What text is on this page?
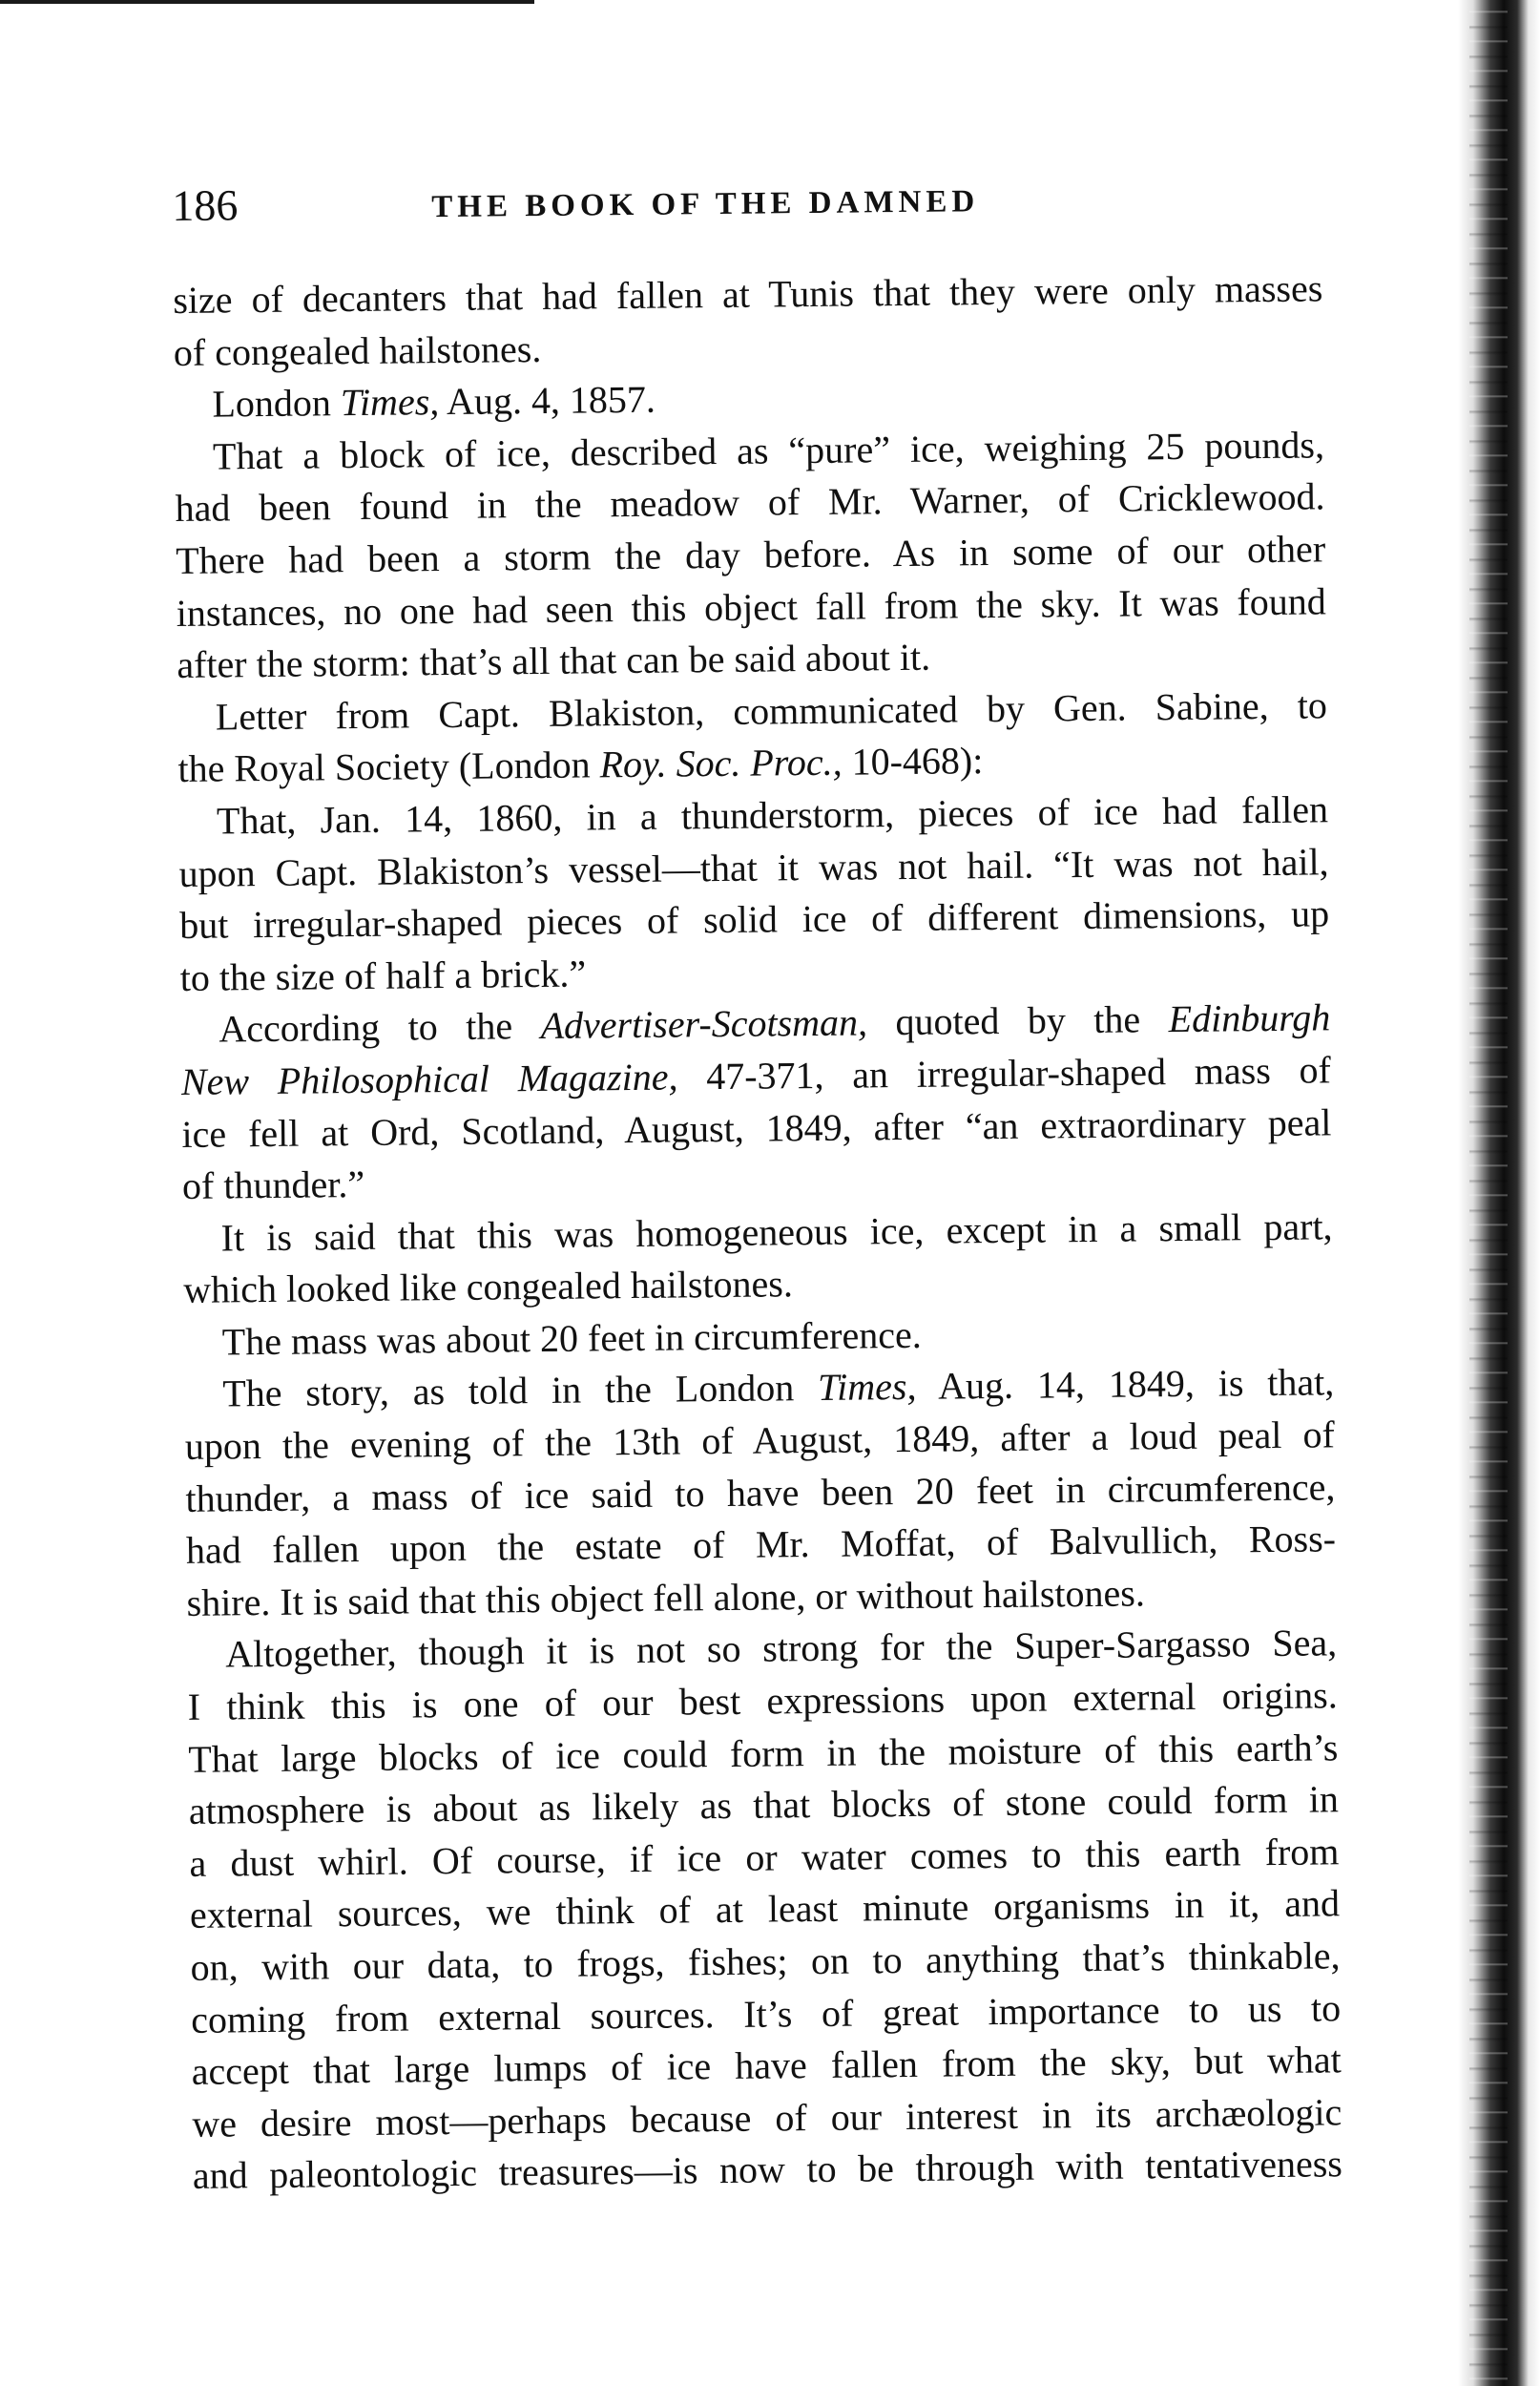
186	THE BOOK OF THE DAMNED
size of decanters that had fallen at Tunis that they were only masses
of congealed hailstones.
London Times, Aug. 4, 1857.
That a block of ice, described as “pure” ice, weighing 25 pounds,
had been found in the meadow of Mr. Warner, of Cricklewood.
There had been a storm the day before. As in some of our other
instances, no one had seen this object fall from the sky. It was found
after the storm: that’s all that can be said about it.
Letter from Capt. Blakiston, communicated by Gen. Sabine, to
the Royal Society (London Roy. Soc. Proc., 10-468):
That, Jan. 14, 1860, in a thunderstorm, pieces of ice had fallen
upon Capt. Blakiston’s vessel—that it was not hail. “It was not hail,
but irregular-shaped pieces of solid ice of different dimensions, up
to the size of half a brick.”
According to the Advertiser-Scotsman, quoted by the Edinburgh
New Philosophical Magazine, 47-371, an irregular-shaped mass of
ice fell at Ord, Scotland, August, 1849, after “an extraordinary peal
of thunder.”
It is said that this was homogeneous ice, except in a small part,
which looked like congealed hailstones.
The mass was about 20 feet in circumference.
The story, as told in the London Times, Aug. 14, 1849, is that,
upon the evening of the 13th of August, 1849, after a loud peal of
thunder, a mass of ice said to have been 20 feet in circumference,
had fallen upon the estate of Mr. Moffat, of Balvullich, Ross-
shire. It is said that this object fell alone, or without hailstones.
Altogether, though it is not so strong for the Super-Sargasso Sea,
I think this is one of our best expressions upon external origins.
That large blocks of ice could form in the moisture of this earth’s
atmosphere is about as likely as that blocks of stone could form in
a dust whirl. Of course, if ice or water comes to this earth from
external sources, we think of at least minute organisms in it, and
on, with our data, to frogs, fishes; on to anything that’s thinkable,
coming from external sources. It’s of great importance to us to
accept that large lumps of ice have fallen from the sky, but what
we desire most—perhaps because of our interest in its archæologic
and paleontologic treasures—is now to be through with tentativeness
